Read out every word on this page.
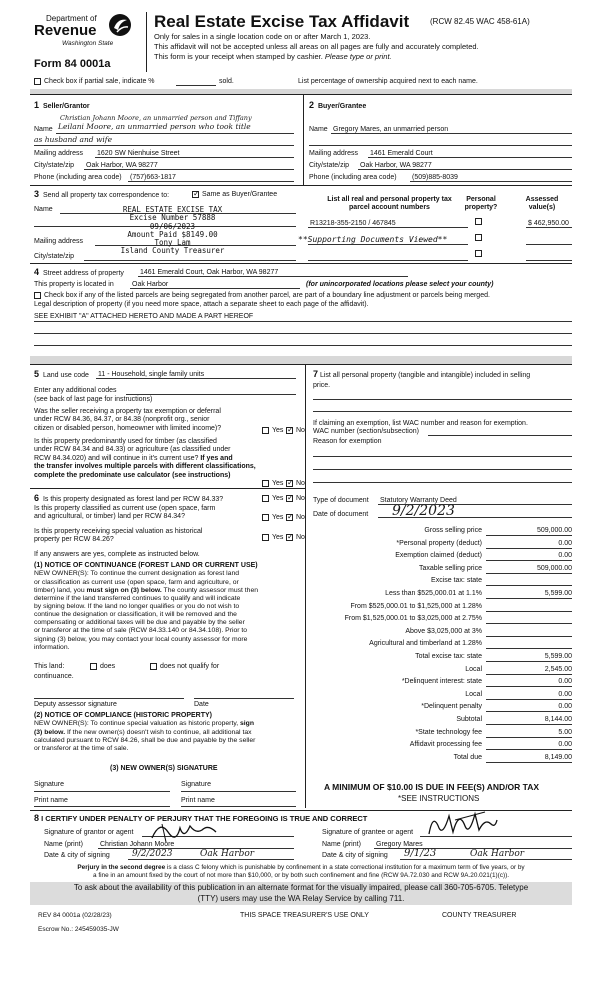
Department of
Revenue
Washington State
Form 84 0001a
Real Estate Excise Tax Affidavit	(RCW 82.45 WAC 458-61A)
Only for sales in a single location code on or after March 1, 2023.
This affidavit will not be accepted unless all areas on all pages are fully and accurately completed.
This form is your receipt when stamped by cashier. Please type or print.
Check box if partial sale, indicate %	sold.	List percentage of ownership acquired next to each name.
1 Seller/Grantor
Christian Johann Moore, an unmarried person and Tiffany
Name Leilani Moore, an unmarried person who took title
as husband and wife
Mailing address 1620 SW Nienhuise Street
City/state/zip Oak Harbor, WA 98277
Phone (including area code) (757)663-1817
2 Buyer/Grantee
Name Gregory Mares, an unmarried person
Mailing address 1461 Emerald Court
City/state/zip Oak Harbor, WA 98277
Phone (including area code) (509)885-8039
3 Send all property tax correspondence to: ✓	Same as Buyer/Grantee
Name
Mailing address
City/state/zip
REAL ESTATE EXCISE TAX
Excise Number 57888
09/06/2023
Amount Paid $8149.00
Tony Lam
Island County Treasurer
List all real and personal property tax
parcel account numbers
Personal
property?
Assessed
value(s)
R13218-355-2150 / 467845	$ 462,950.00
**Supporting Documents Viewed**
4 Street address of property 1461 Emerald Court, Oak Harbor, WA 98277
This property is located in	Oak Harbor	(for unincorporated locations please select your county)
Check box if any of the listed parcels are being segregated from another parcel, are part of a boundary line adjustment or parcels being merged.
Legal description of property (if you need more space, attach a separate sheet to each page of the affidavit).
SEE EXHIBIT "A" ATTACHED HERETO AND MADE A PART HEREOF
5 Land use code 11 - Household, single family units
Enter any additional codes
(see back of last page for instructions)
Was the seller receiving a property tax exemption or deferral
under RCW 84.36, 84.37, or 84.38 (nonprofit org., senior
citizen or disabled person, homeowner with limited income)?	Yes ✓ No
Is this property predominantly used for timber (as classified
under RCW 84.34 and 84.33) or agriculture (as classified under
RCW 84.34.020) and will continue in it's current use? If yes and
the transfer involves multiple parcels with different classifications,
complete the predominate use calculator (see instructions)
Yes ✓ No
6 Is this property designated as forest land per RCW 84.33?	Yes ✓ No
Is this property classified as current use (open space, farm
and agricultural, or timber) land per RCW 84.34?	Yes ✓ No
Is this property receiving special valuation as historical
property per RCW 84.26?	Yes ✓ No
If any answers are yes, complete as instructed below.
(1) NOTICE OF CONTINUANCE (FOREST LAND OR CURRENT USE)
NEW OWNER(S): To continue the current designation as forest land
or classification as current use (open space, farm and agriculture, or
timber) land, you must sign on (3) below. The county assessor must then
determine if the land transferred continues to qualify and will indicate
by signing below. If the land no longer qualifies or you do not wish to
continue the designation or classification, it will be removed and the
compensating or additional taxes will be due and payable by the seller
or transferor at the time of sale (RCW 84.33.140 or 84.34.108). Prior to
signing (3) below, you may contact your local county assessor for more
information.
This land:	does	does not qualify for
continuance.
Deputy assessor signature	Date
(2) NOTICE OF COMPLIANCE (HISTORIC PROPERTY)
NEW OWNER(S): To continue special valuation as historic property, sign
(3) below. If the new owner(s) doesn't wish to continue, all additional tax
calculated pursuant to RCW 84.26, shall be due and payable by the seller
or transferor at the time of sale.
(3) NEW OWNER(S) SIGNATURE
Signature	Signature
Print name	Print name
7 List all personal property (tangible and intangible) included in selling
price.
If claiming an exemption, list WAC number and reason for exemption.
WAC number (section/subsection)
Reason for exemption
Type of document Statutory Warranty Deed
Date of document 9/2/2023
Gross selling price	509,000.00
*Personal property (deduct)	0.00
Exemption claimed (deduct)	0.00
Taxable selling price	509,000.00
Excise tax: state
Less than $525,000.01 at 1.1%	5,599.00
From $525,000.01 to $1,525,000 at 1.28%
From $1,525,000.01 to $3,025,000 at 2.75%
Above $3,025,000 at 3%
Agricultural and timberland at 1.28%
Total excise tax: state	5,599.00
Local	2,545.00
*Delinquent interest: state	0.00
Local	0.00
*Delinquent penalty	0.00
Subtotal	8,144.00
*State technology fee	5.00
Affidavit processing fee	0.00
Total due	8,149.00
A MINIMUM OF $10.00 IS DUE IN FEE(S) AND/OR TAX
*SEE INSTRUCTIONS
8 I CERTIFY UNDER PENALTY OF PERJURY THAT THE FOREGOING IS TRUE AND CORRECT
Signature of grantor or agent
Name (print) Christian Johann Moore
Date & city of signing 9/2/2023	Oak Harbor
Signature of grantee or agent
Name (print) Gregory Mares
Date & city of signing 9/1/23	Oak Harbor
Perjury in the second degree is a class C felony which is punishable by confinement in a state correctional institution for a maximum term of five years, or by
a fine in an amount fixed by the court of not more than $10,000, or by both such confinement and fine (RCW 9A.72.030 and RCW 9A.20.021(1)(c)).
To ask about the availability of this publication in an alternate format for the visually impaired, please call 360-705-6705. Teletype
(TTY) users may use the WA Relay Service by calling 711.
REV 84 0001a (02/28/23)	THIS SPACE TREASURER'S USE ONLY	COUNTY TREASURER
Escrow No.: 245459035-JW
